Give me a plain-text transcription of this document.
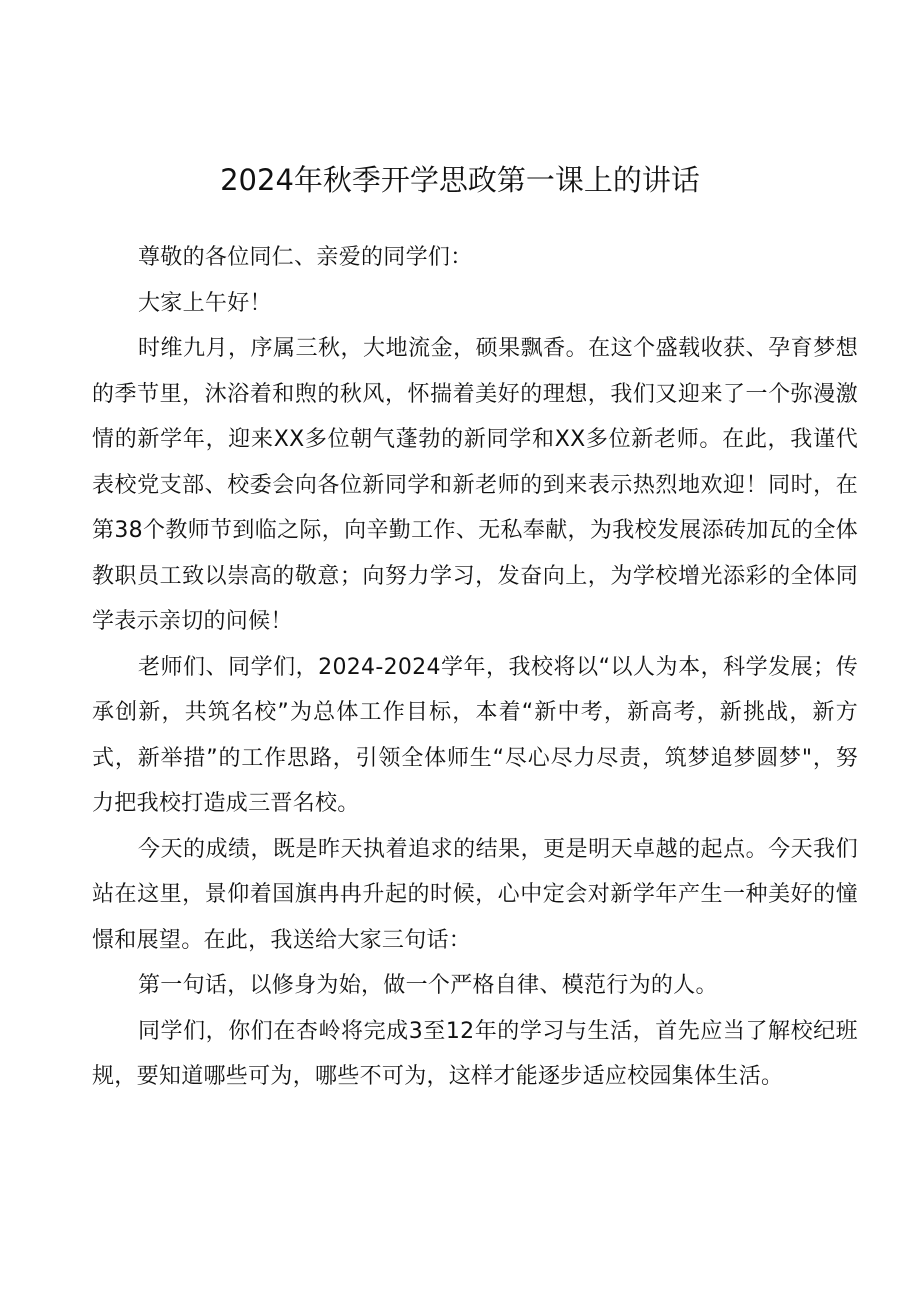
2024年秋季开学思政第一课上的讲话

尊敬的各位同仁、亲爱的同学们：

大家上午好！

时维九月，序属三秋，大地流金，硕果飘香。在这个盛载收获、孕育梦想的季节里，沐浴着和煦的秋风，怀揣着美好的理想，我们又迎来了一个弥漫激情的新学年，迎来XX多位朝气蓬勃的新同学和XX多位新老师。在此，我谨代表校党支部、校委会向各位新同学和新老师的到来表示热烈地欢迎！同时，在第38个教师节到临之际，向辛勤工作、无私奉献，为我校发展添砖加瓦的全体教职员工致以崇高的敬意；向努力学习，发奋向上，为学校增光添彩的全体同学表示亲切的问候！

老师们、同学们，2024-2024学年，我校将以“以人为本，科学发展；传承创新，共筑名校”为总体工作目标，本着“新中考，新高考，新挑战，新方式，新举措”的工作思路，引领全体师生“尽心尽力尽责，筑梦追梦圆梦"，努力把我校打造成三晋名校。

今天的成绩，既是昨天执着追求的结果，更是明天卓越的起点。今天我们站在这里，景仰着国旗冉冉升起的时候，心中定会对新学年产生一种美好的憧憬和展望。在此，我送给大家三句话：

第一句话，以修身为始，做一个严格自律、模范行为的人。

同学们，你们在杏岭将完成3至12年的学习与生活，首先应当了解校纪班规，要知道哪些可为，哪些不可为，这样才能逐步适应校园集体生活。
